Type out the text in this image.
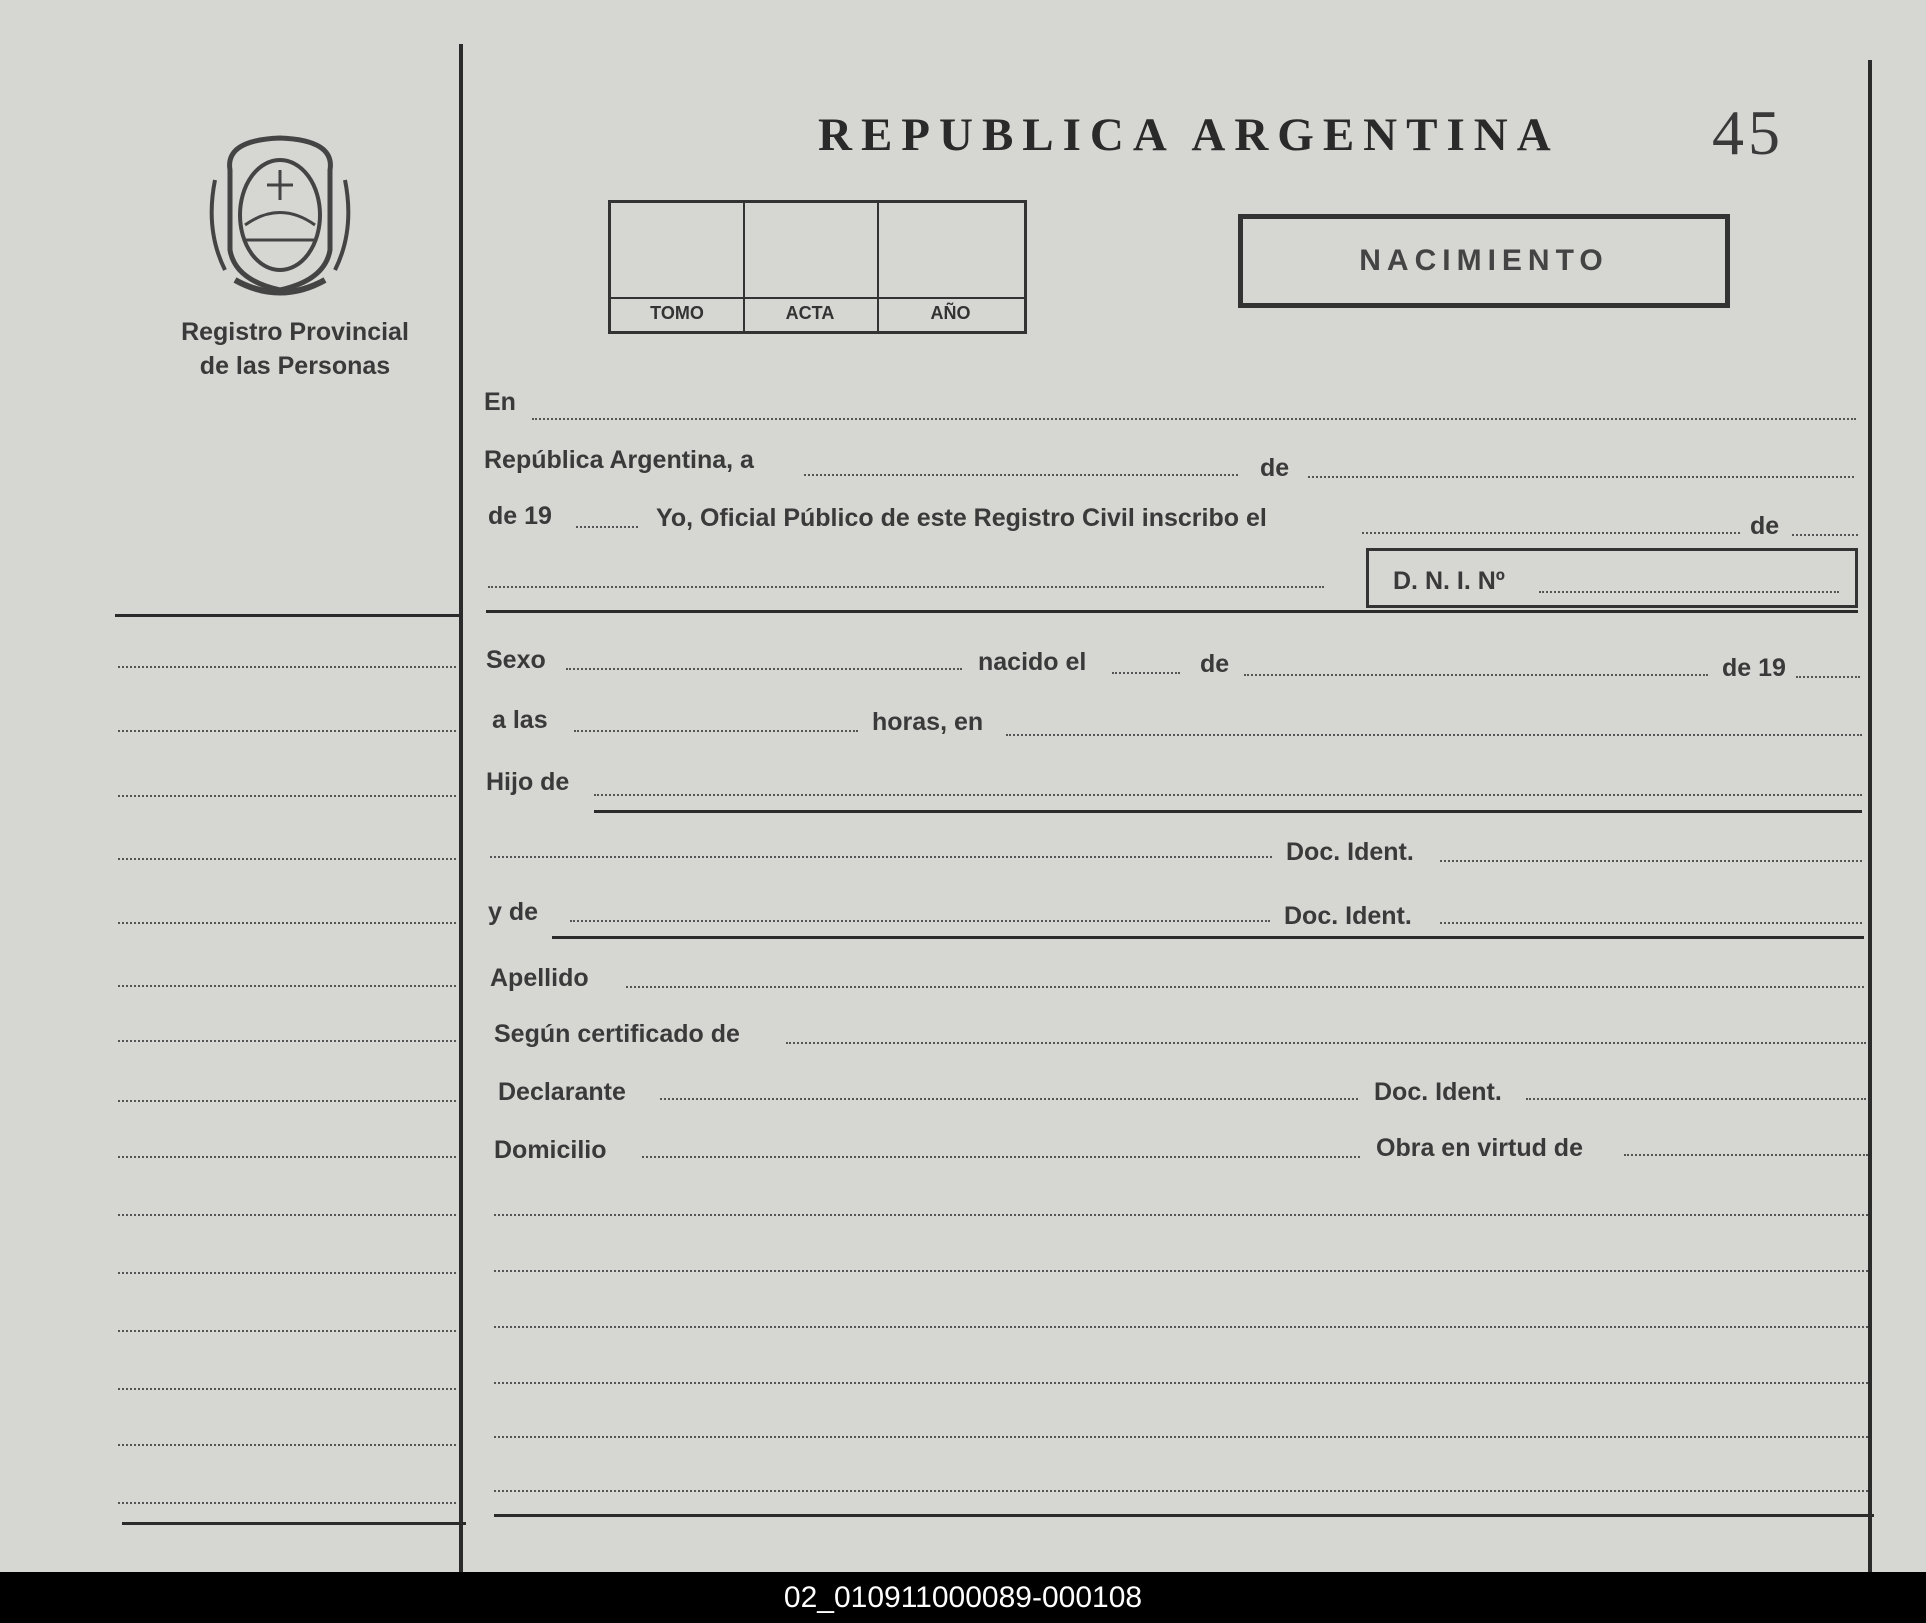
Registro Provincial
de las Personas
REPUBLICA ARGENTINA 45
TOMO	ACTA	AÑO
NACIMIENTO
En
República Argentina, a	de
de 19	Yo, Oficial Público de este Registro Civil inscribo el	de
D. N. I. Nº
Sexo	nacido el	de	de 19
a las	horas, en
Hijo de
Doc. Ident.
y de	Doc. Ident.
Apellido
Según certificado de
Declarante	Doc. Ident.
Domicilio	Obra en virtud de
02_010911000089-000108
